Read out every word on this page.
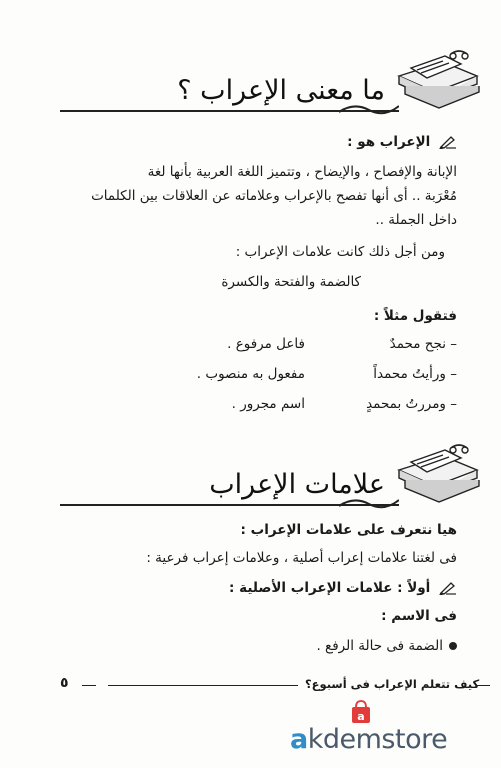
ما معنى الإعراب ؟
الإعراب هو :
الإبانة والإفصاح ، والإيضاح ، وتتميز اللغة العربية بأنها لغة
مُعْرَبة .. أى أنها تفصح بالإعراب وعلاماته عن العلاقات بين الكلمات
داخل الجملة ..
ومن أجل ذلك كانت علامات الإعراب :
كالضمة والفتحة والكسرة
فتقول مثلاً :
– نجح محمدٌ
فاعل مرفوع .
– ورأيتُ محمداً
مفعول به منصوب .
– ومررتُ بمحمدٍ
اسم مجرور .
علامات الإعراب
هيا نتعرف على علامات الإعراب :
فى لغتنا علامات إعراب أصلية ، وعلامات إعراب فرعية :
أولاً : علامات الإعراب الأصلية :
فى الاسم :
الضمة فى حالة الرفع .
٥	كيف تتعلم الإعراب فى أسبوع؟
a
akdemstore
